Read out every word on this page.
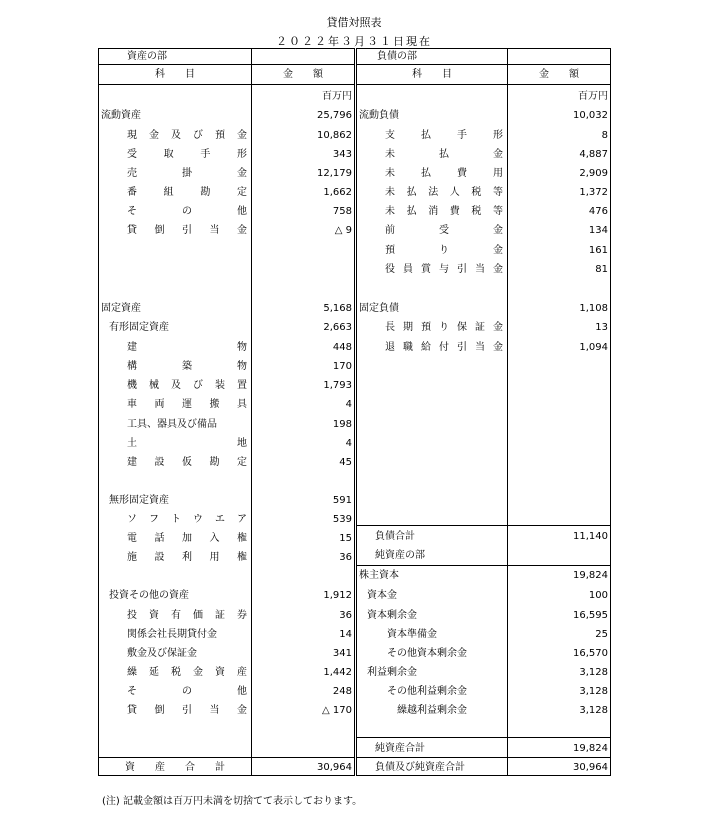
貸借対照表
２０２２年３月３１日現在
資産の部
科　　目	金　　額
百万円
流動資産	25,796
現 金 及 び 預 金	10,862
受	取	手	形	343
売	掛	金	12,179
番	組	勘	定	1,662
そ	の	他	758
貸 倒 引 当 金	△ 9
固定資産	5,168
有形固定資産	2,663
建	物	448
構	築	物	170
機 械 及 び 装 置	1,793
車 両 運 搬 具	4
工具、器具及び備品	198
土	地	4
建 設 仮 勘 定	45
無形固定資産	591
ソ フ ト ウ エ ア	539
電 話 加 入 権	15
施 設 利 用 権	36
投資その他の資産	1,912
投 資 有 価 証 券	36
関係会社長期貸付金	14
敷金及び保証金	341
繰 延 税 金 資 産	1,442
そ	の	他	248
貸 倒 引 当 金	△ 170
資　　産　　合　　計	30,964
負債の部
科　　目	金　　額
百万円
流動負債	10,032
支	払	手	形	8
未	払	金	4,887
未	払	費	用	2,909
未 払 法 人 税 等	1,372
未 払 消 費 税 等	476
前	受	金	134
預	り	金	161
役 員 賞 与 引 当 金	81
固定負債	1,108
長 期 預 り 保 証 金	13
退 職 給 付 引 当 金	1,094
負債合計	11,140
純資産の部
株主資本	19,824
資本金	100
資本剰余金	16,595
資本準備金	25
その他資本剰余金	16,570
利益剰余金	3,128
その他利益剰余金	3,128
繰越利益剰余金	3,128
純資産合計	19,824
負債及び純資産合計	30,964
(注) 記載金額は百万円未満を切捨てて表示しております。
